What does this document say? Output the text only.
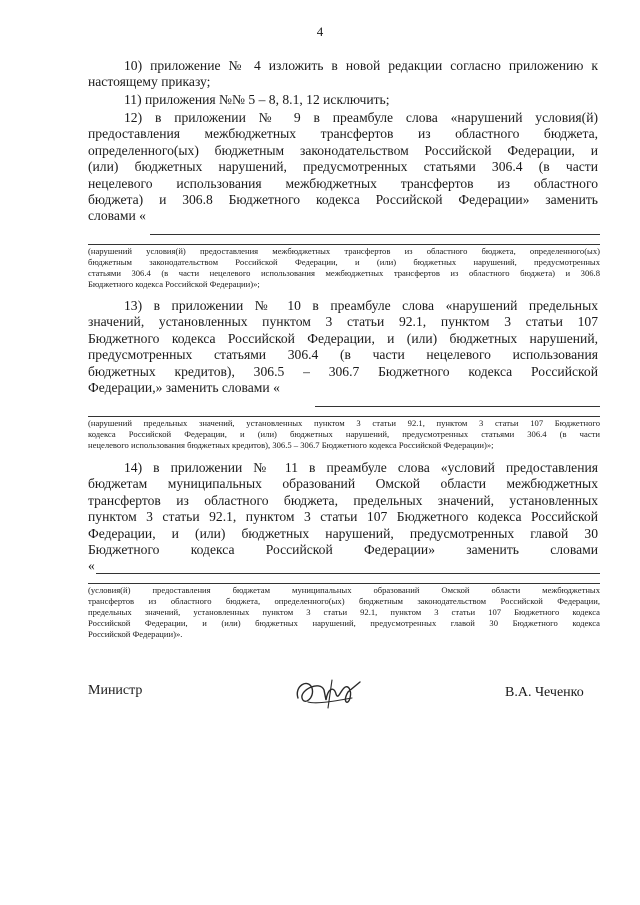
4
10) приложение № 4 изложить в новой редакции согласно приложению к
настоящему приказу;
11) приложения №№ 5 – 8, 8.1, 12 исключить;
12) в приложении № 9 в преамбуле слова «нарушений условия(й)
предоставления межбюджетных трансфертов из областного бюджета,
определенного(ых) бюджетным законодательством Российской Федерации, и
(или) бюджетных нарушений, предусмотренных статьями 306.4 (в части
нецелевого использования межбюджетных трансфертов из областного
бюджета) и 306.8 Бюджетного кодекса Российской Федерации» заменить
словами «
(нарушений условия(й) предоставления межбюджетных трансфертов из областного бюджета, определенного(ых)
бюджетным законодательством Российской Федерации, и (или) бюджетных нарушений, предусмотренных
статьями 306.4 (в части нецелевого использования межбюджетных трансфертов из областного бюджета) и 306.8
Бюджетного кодекса Российской Федерации)»;
13) в приложении № 10 в преамбуле слова «нарушений предельных
значений, установленных пунктом 3 статьи 92.1, пунктом 3 статьи 107
Бюджетного кодекса Российской Федерации, и (или) бюджетных нарушений,
предусмотренных статьями 306.4 (в части нецелевого использования
бюджетных кредитов), 306.5 – 306.7 Бюджетного кодекса Российской
Федерации,» заменить словами «
(нарушений предельных значений, установленных пунктом 3 статьи 92.1, пунктом 3 статьи 107 Бюджетного
кодекса Российской Федерации, и (или) бюджетных нарушений, предусмотренных статьями 306.4 (в части
нецелевого использования бюджетных кредитов), 306.5 – 306.7 Бюджетного кодекса Российской Федерации)»;
14) в приложении № 11 в преамбуле слова «условий предоставления
бюджетам муниципальных образований Омской области межбюджетных
трансфертов из областного бюджета, предельных значений, установленных
пунктом 3 статьи 92.1, пунктом 3 статьи 107 Бюджетного кодекса Российской
Федерации, и (или) бюджетных нарушений, предусмотренных главой 30
Бюджетного кодекса Российской Федерации» заменить словами
«
(условия(й) предоставления бюджетам муниципальных образований Омской области межбюджетных
трансфертов из областного бюджета, определенного(ых) бюджетным законодательством Российской Федерации,
предельных значений, установленных пунктом 3 статьи 92.1, пунктом 3 статьи 107 Бюджетного кодекса
Российской Федерации, и (или) бюджетных нарушений, предусмотренных главой 30 Бюджетного кодекса
Российской Федерации)».
Министр	В.А. Чеченко
